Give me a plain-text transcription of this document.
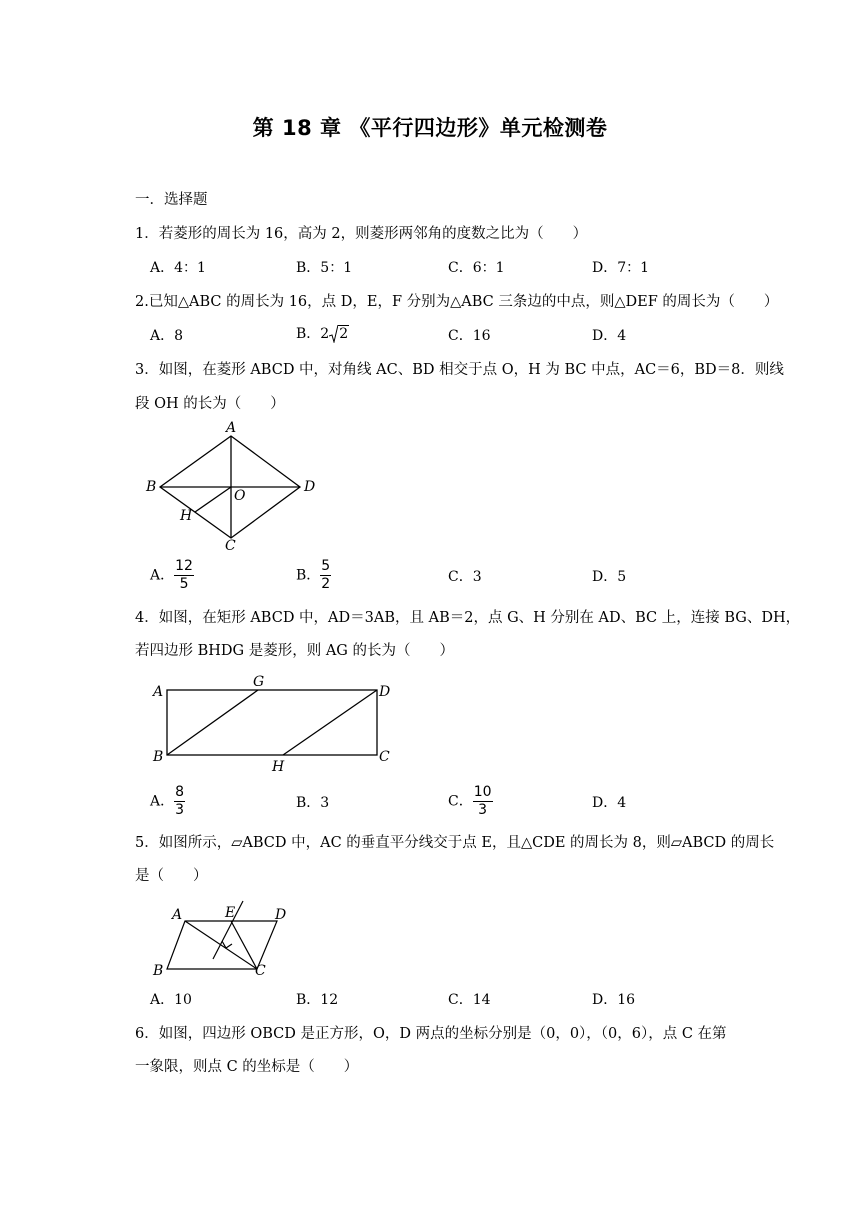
第 18 章 《平行四边形》单元检测卷
一．选择题
1．若菱形的周长为 16，高为 2，则菱形两邻角的度数之比为（　　）
A．4：1	B．5：1	C．6：1	D．7：1
2.已知△ABC 的周长为 16，点 D，E，F 分别为△ABC 三条边的中点，则△DEF 的周长为（　　）
A．8	B．2 2	C．16	D．4
3．如图，在菱形 ABCD 中，对角线 AC、BD 相交于点 O，H 为 BC 中点，AC＝6，BD＝8．则线
段 OH 的长为（　　）
A
B	D
O
H
C
A． $\frac{12}{5}$	B． $\frac{5}{2}$	C．3	D．5
4．如图，在矩形 ABCD 中，AD＝3AB，且 AB＝2，点 G、H 分别在 AD、BC 上，连接 BG、DH，
若四边形 BHDG 是菱形，则 AG 的长为（　　）
A
G
D
B
H
C
A． $\frac{8}{3}$	B．3	C． $\frac{10}{3}$	D．4
5．如图所示，▱ABCD 中，AC 的垂直平分线交于点 E，且△CDE 的周长为 8，则▱ABCD 的周长
是（　　）
A	E	D
B	C
A．10	B．12	C．14	D．16
6．如图，四边形 OBCD 是正方形，O，D 两点的坐标分别是（0，0），（0，6），点 C 在第
一象限，则点 C 的坐标是（　　）
